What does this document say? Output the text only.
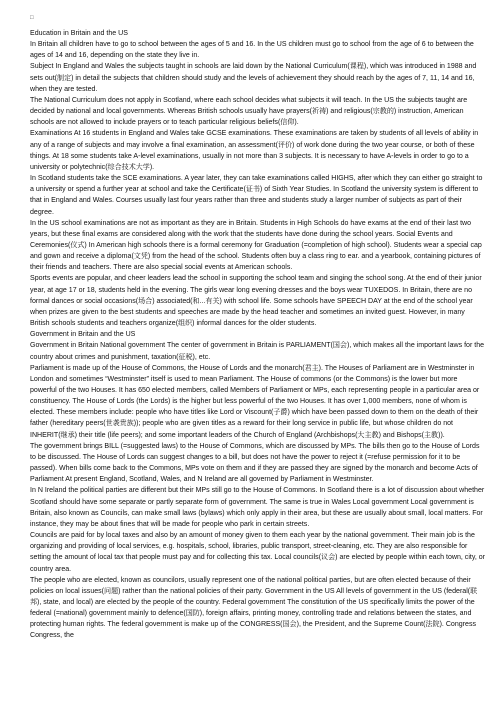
□

Education in Britain and the US

In Britain all children have to go to school between the ages of 5 and 16. In the US children must go to school from the age of 6 to between the ages of 14 and 16, depending on the state they live in.

Subject In England and Wales the subjects taught in schools are laid down by the National Curriculum(课程), which was introduced in 1988 and sets out(制定) in detail the subjects that children should study and the levels of achievement they should reach by the ages of 7, 11, 14 and 16, when they are tested.

The National Curriculum does not apply in Scotland, where each school decides what subjects it will teach. In the US the subjects taught are decided by national and local governments. Whereas British schools usually have prayers(祈祷) and religious(宗教的) instruction, American schools are not allowed to include prayers or to teach particular religious beliefs(信仰).

Examinations At 16 students in England and Wales take GCSE examinations. These examinations are taken by students of all levels of ability in any of a range of subjects and may involve a final examination, an assessment(评价) of work done during the two year course, or both of these things. At 18 some students take A-level examinations, usually in not more than 3 subjects. It is necessary to have A-levels in order to go to a university or polytechnic(综合技术大学).

In Scotland students take the SCE examinations. A year later, they can take examinations called HIGHS, after which they can either go straight to a university or spend a further year at school and take the Certificate(证书) of Sixth Year Studies. In Scotland the university system is different to that in England and Wales. Courses usually last four years rather than three and students study a larger number of subjects as part of their degree.

In the US school examinations are not as important as they are in Britain. Students in High Schools do have exams at the end of their last two years, but these final exams are considered along with the work that the students have done during the school years. Social Events and Ceremonies(仪式) In American high schools there is a formal ceremony for Graduation (=completion of high school). Students wear a special cap and gown and receive a diploma(文凭) from the head of the school. Students often buy a class ring to ear. and a yearbook, containing pictures of their friends and teachers. There are also special social events at American schools.

Sports events are popular, and cheer leaders lead the school in supporting the school team and singing the school song. At the end of their junior year, at age 17 or 18, students held in the evening. The girls wear long evening dresses and the boys wear TUXEDOS. In Britain, there are no formal dances or social occasions(场合) associated(和...有关) with school life. Some schools have SPEECH DAY at the end of the school year when prizes are given to the best students and speeches are made by the head teacher and sometimes an invited guest. However, in many British schools students and teachers organize(组织) informal dances for the older students.

Government in Britain and the US

Government in Britain National government The center of government in Britain is PARLIAMENT(国会), which makes all the important laws for the country about crimes and punishment, taxation(征税), etc.

Parliament is made up of the House of Commons, the House of Lords and the monarch(君主). The Houses of Parliament are in Westminster in London and sometimes “Westminster” itself is used to mean Parliament. The House of commons (or the Commons) is the lower but more powerful of the two Houses. It has 650 elected members, called Members of Parliament or MPs, each representing people in a particular area or constituency. The House of Lords (the Lords) is the higher but less powerful of the two Houses. It has over 1,000 members, none of whom is elected. These members include: people who have titles like Lord or Viscount(子爵) which have been passed down to them on the death of their father (hereditary peers(世袭贵族)); people who are given titles as a reward for their long service in public life, but whose children do not INHERIT(继承) their title (life peers); and some important leaders of the Church of England (Archbishops(大主教) and Bishops(主教)).

The government brings BILL (=suggested laws) to the House of Commons, which are discussed by MPs. The bills then go to the House of Lords to be discussed. The House of Lords can suggest changes to a bill, but does not have the power to reject it (=refuse permission for it to be passed). When bills come back to the Commons, MPs vote on them and if they are passed they are signed by the monarch and become Acts of Parliament At present England, Scotland, Wales, and N Ireland are all governed by Parliament in Westminster.

In N Ireland the political parties are different but their MPs still go to the House of Commons. In Scotland there is a lot of discussion about whether Scotland should have some separate or partly separate form of government. The same is true in Wales Local government Local government is Britain, also known as Councils, can make small laws (bylaws) which only apply in their area, but these are usually about small, local matters. For instance, they may be about fines that will be made for people who park in certain streets.

Councils are paid for by local taxes and also by an amount of money given to them each year by the national government. Their main job is the organizing and providing of local services, e.g. hospitals, school, libraries, public transport, street-cleaning, etc. They are also responsible for setting the amount of local tax that people must pay and for collecting this tax. Local councils(议会) are elected by people within each town, city, or country area.

The people who are elected, known as councilors, usually represent one of the national political parties, but are often elected because of their policies on local issues(问题) rather than the national policies of their party. Government in the US All levels of government in the US (federal(联邦), state, and local) are elected by the people of the country. Federal government The constitution of the US specifically limits the power of the federal (=national) government mainly to defence(国防), foreign affairs, printing money, controlling trade and relations between the states, and protecting human rights. The federal government is make up of the CONGRESS(国会), the President, and the Supreme Count(法院). Congress Congress, the
